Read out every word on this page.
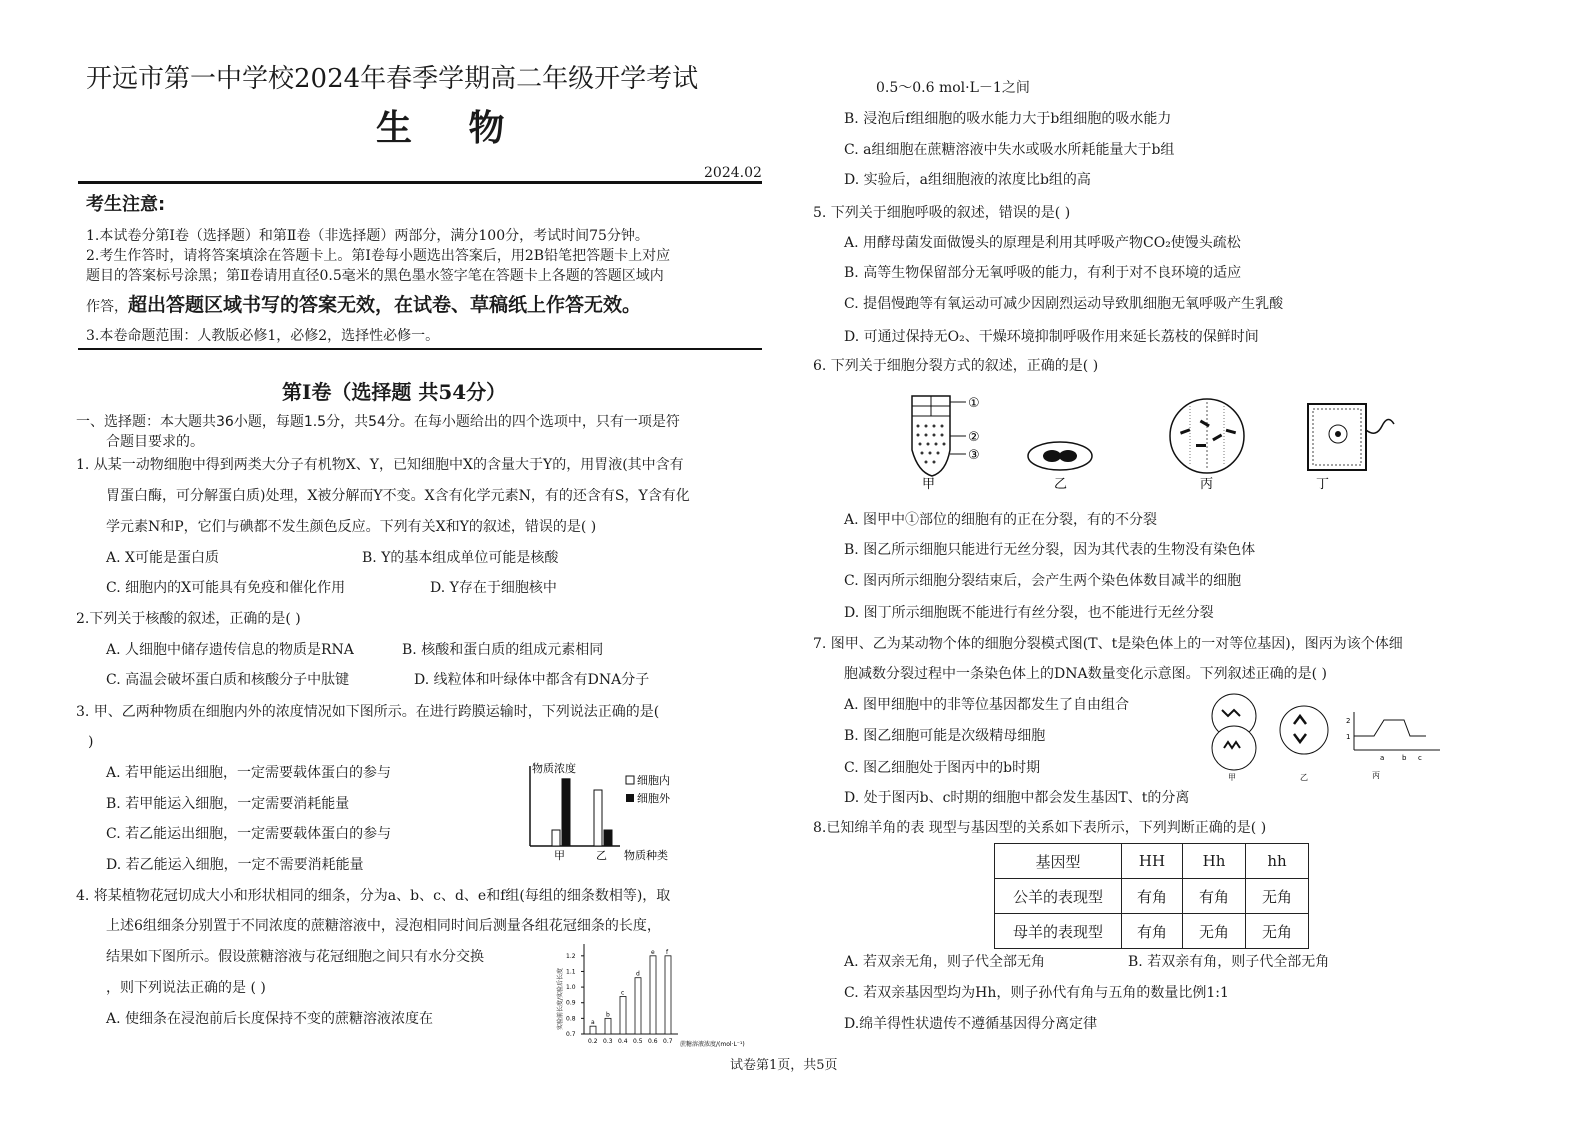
开远市第一中学校2024年春季学期高二年级开学考试
生 物
2024.02
考生注意:
1.本试卷分第Ⅰ卷（选择题）和第Ⅱ卷（非选择题）两部分，满分100分，考试时间75分钟。
2.考生作答时，请将答案填涂在答题卡上。第Ⅰ卷每小题选出答案后，用2B铅笔把答题卡上对应
题目的答案标号涂黑；第Ⅱ卷请用直径0.5毫米的黑色墨水签字笔在答题卡上各题的答题区域内
作答，超出答题区域书写的答案无效，在试卷、草稿纸上作答无效。
3.本卷命题范围：人教版必修1，必修2，选择性必修一。
第Ⅰ卷（选择题 共54分）
一、选择题：本大题共36小题，每题1.5分，共54分。在每小题给出的四个选项中，只有一项是符
合题目要求的。
1. 从某一动物细胞中得到两类大分子有机物X、Y，已知细胞中X的含量大于Y的，用胃液(其中含有
胃蛋白酶，可分解蛋白质)处理，X被分解而Y不变。X含有化学元素N，有的还含有S，Y含有化
学元素N和P，它们与碘都不发生颜色反应。下列有关X和Y的叙述，错误的是( )
A. X可能是蛋白质	B. Y的基本组成单位可能是核酸
C. 细胞内的X可能具有免疫和催化作用	D. Y存在于细胞核中
2.下列关于核酸的叙述，正确的是( )
A. 人细胞中储存遗传信息的物质是RNA	B. 核酸和蛋白质的组成元素相同
C. 高温会破坏蛋白质和核酸分子中肽键	D. 线粒体和叶绿体中都含有DNA分子
3. 甲、乙两种物质在细胞内外的浓度情况如下图所示。在进行跨膜运输时，下列说法正确的是(
)
A. 若甲能运出细胞，一定需要载体蛋白的参与
B. 若甲能运入细胞，一定需要消耗能量
C. 若乙能运出细胞，一定需要载体蛋白的参与
D. 若乙能运入细胞，一定不需要消耗能量
物质浓度
物质种类
甲	乙
细胞内
细胞外
4. 将某植物花冠切成大小和形状相同的细条，分为a、b、c、d、e和f组(每组的细条数相等)，取
上述6组细条分别置于不同浓度的蔗糖溶液中，浸泡相同时间后测量各组花冠细条的长度，
结果如下图所示。假设蔗糖溶液与花冠细胞之间只有水分交换
，则下列说法正确的是 ( )
A. 使细条在浸泡前后长度保持不变的蔗糖溶液浓度在	实验前长度/实验后长度
蔗糖溶液浓度/(mol·L⁻¹)
0.7
0.8
0.9
1.0
1.1
1.2
a
0.2
b
0.3
c
0.4
d
0.5
e
0.6
f
0.7
0.5～0.6 mol·L－1之间
B. 浸泡后f组细胞的吸水能力大于b组细胞的吸水能力
C. a组细胞在蔗糖溶液中失水或吸水所耗能量大于b组
D. 实验后，a组细胞液的浓度比b组的高
5. 下列关于细胞呼吸的叙述，错误的是( )
A. 用酵母菌发面做馒头的原理是利用其呼吸产物CO₂使馒头疏松
B. 高等生物保留部分无氧呼吸的能力，有利于对不良环境的适应
C. 提倡慢跑等有氧运动可减少因剧烈运动导致肌细胞无氧呼吸产生乳酸
D. 可通过保持无O₂、干燥环境抑制呼吸作用来延长荔枝的保鲜时间
6. 下列关于细胞分裂方式的叙述，正确的是( )
①
②
③
甲	乙	丙	丁
A. 图甲中①部位的细胞有的正在分裂，有的不分裂
B. 图乙所示细胞只能进行无丝分裂，因为其代表的生物没有染色体
C. 图丙所示细胞分裂结束后，会产生两个染色体数目减半的细胞
D. 图丁所示细胞既不能进行有丝分裂，也不能进行无丝分裂
7. 图甲、乙为某动物个体的细胞分裂模式图(T、t是染色体上的一对等位基因)，图丙为该个体细
胞减数分裂过程中一条染色体上的DNA数量变化示意图。下列叙述正确的是( )
A. 图甲细胞中的非等位基因都发生了自由组合
B. 图乙细胞可能是次级精母细胞
C. 图乙细胞处于图丙中的b时期
D. 处于图丙b、c时期的细胞中都会发生基因T、t的分离
甲	乙
2
1
a	b c
丙
8.已知绵羊角的表 现型与基因型的关系如下表所示，下列判断正确的是( )
基因型	HH	Hh	hh
公羊的表现型	有角	有角	无角
母羊的表现型	有角	无角	无角
A. 若双亲无角，则子代全部无角	B. 若双亲有角，则子代全部无角
C. 若双亲基因型均为Hh，则子孙代有角与五角的数量比例1:1
D.绵羊得性状遗传不遵循基因得分离定律
试卷第1页，共5页
